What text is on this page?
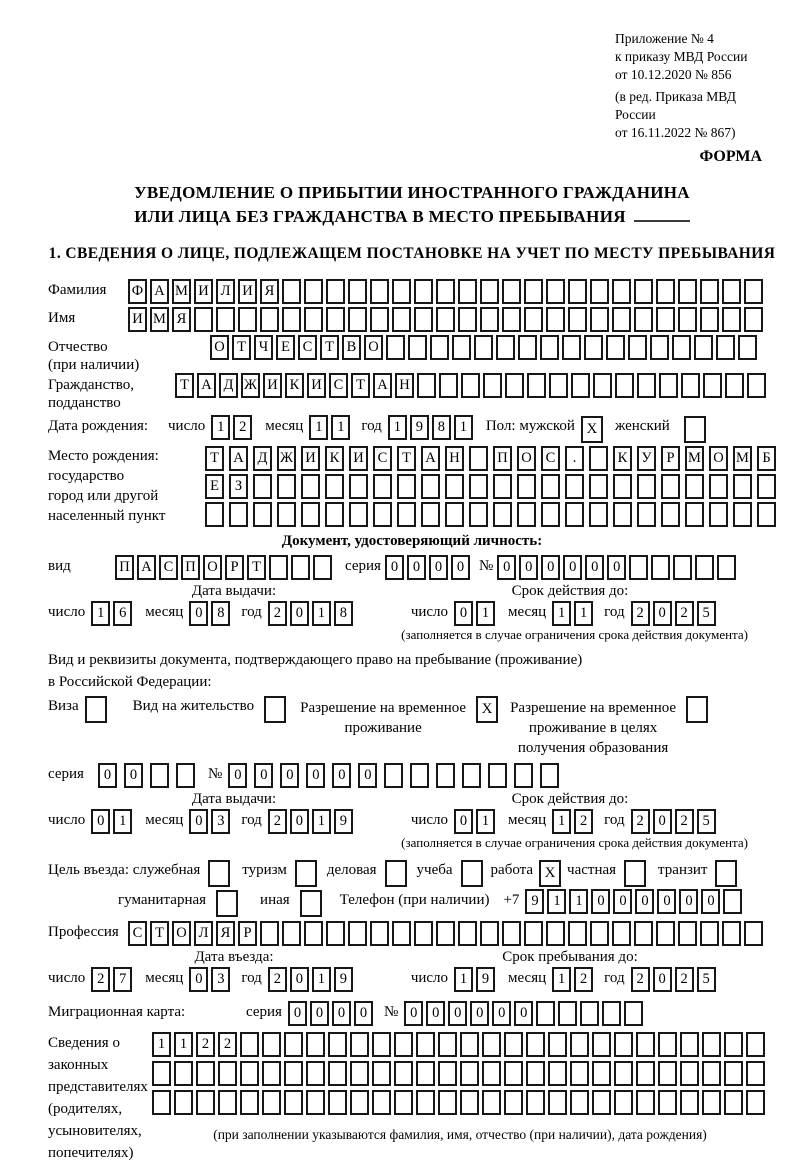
Приложение № 4
к приказу МВД России
от 10.12.2020 № 856
(в ред. Приказа МВД России
от 16.11.2022 № 867)
ФОРМА
УВЕДОМЛЕНИЕ О ПРИБЫТИИ ИНОСТРАННОГО ГРАЖДАНИНА
ИЛИ ЛИЦА БЕЗ ГРАЖДАНСТВА В МЕСТО ПРЕБЫВАНИЯ
1. СВЕДЕНИЯ О ЛИЦЕ, ПОДЛЕЖАЩЕМ ПОСТАНОВКЕ НА УЧЕТ ПО МЕСТУ ПРЕБЫВАНИЯ
Фамилия	Ф А М И Л И Я
Имя	И М Я
Отчество
(при наличии)
О Т Ч Е С Т В О
Гражданство,
подданство
Т А Д Ж И К И С Т А Н
Дата рождения:	число 1	2	месяц 1	1	год 1	9	8	1	Пол: мужской X	женский
Место рождения:
государство
город или другой
населенный пункт
Т А Д Ж И К И С	Т А Н	П О С	.	К У	Р М О М Б
Е	З
Документ, удостоверяющий личность:
вид	П А С П О Р Т	серия 0	0	0	0 № 0	0	0	0	0	0
Дата выдачи:	Срок действия до:
число 1	6	месяц 0	8	год 2	0	1	8	число 0	1	месяц 1	1	год 2	0	2	5
(заполняется в случае ограничения срока действия документа)
Вид и реквизиты документа, подтверждающего право на пребывание (проживание)
в Российской Федерации:
Виза	Вид на жительство	Разрешение на временное
проживание
X	Разрешение на временное
проживание в целях
получения образования
серия	0	0	№ 0	0	0	0	0	0
Дата выдачи:	Срок действия до:
число 0	1	месяц 0	3	год 2	0	1	9	число 0	1	месяц 1	2	год 2	0	2	5
(заполняется в случае ограничения срока действия документа)
Цель въезда: служебная	туризм	деловая	учеба	работа X частная	транзит
гуманитарная	иная	Телефон (при наличии) +7 9	1	1	0	0	0	0	0	0
Профессия С Т О Л Я Р
Дата въезда:	Срок пребывания до:
число 2	7	месяц 0	3	год 2	0	1	9	число 1	9	месяц 1	2	год 2	0	2	5
Миграционная карта:	серия 0	0	0	0	№ 0	0	0	0	0	0
Сведения о
законных
представителях
(родителях,
усыновителях,
попечителях)
1	1	2	2
(при заполнении указываются фамилия, имя, отчество (при наличии), дата рождения)
